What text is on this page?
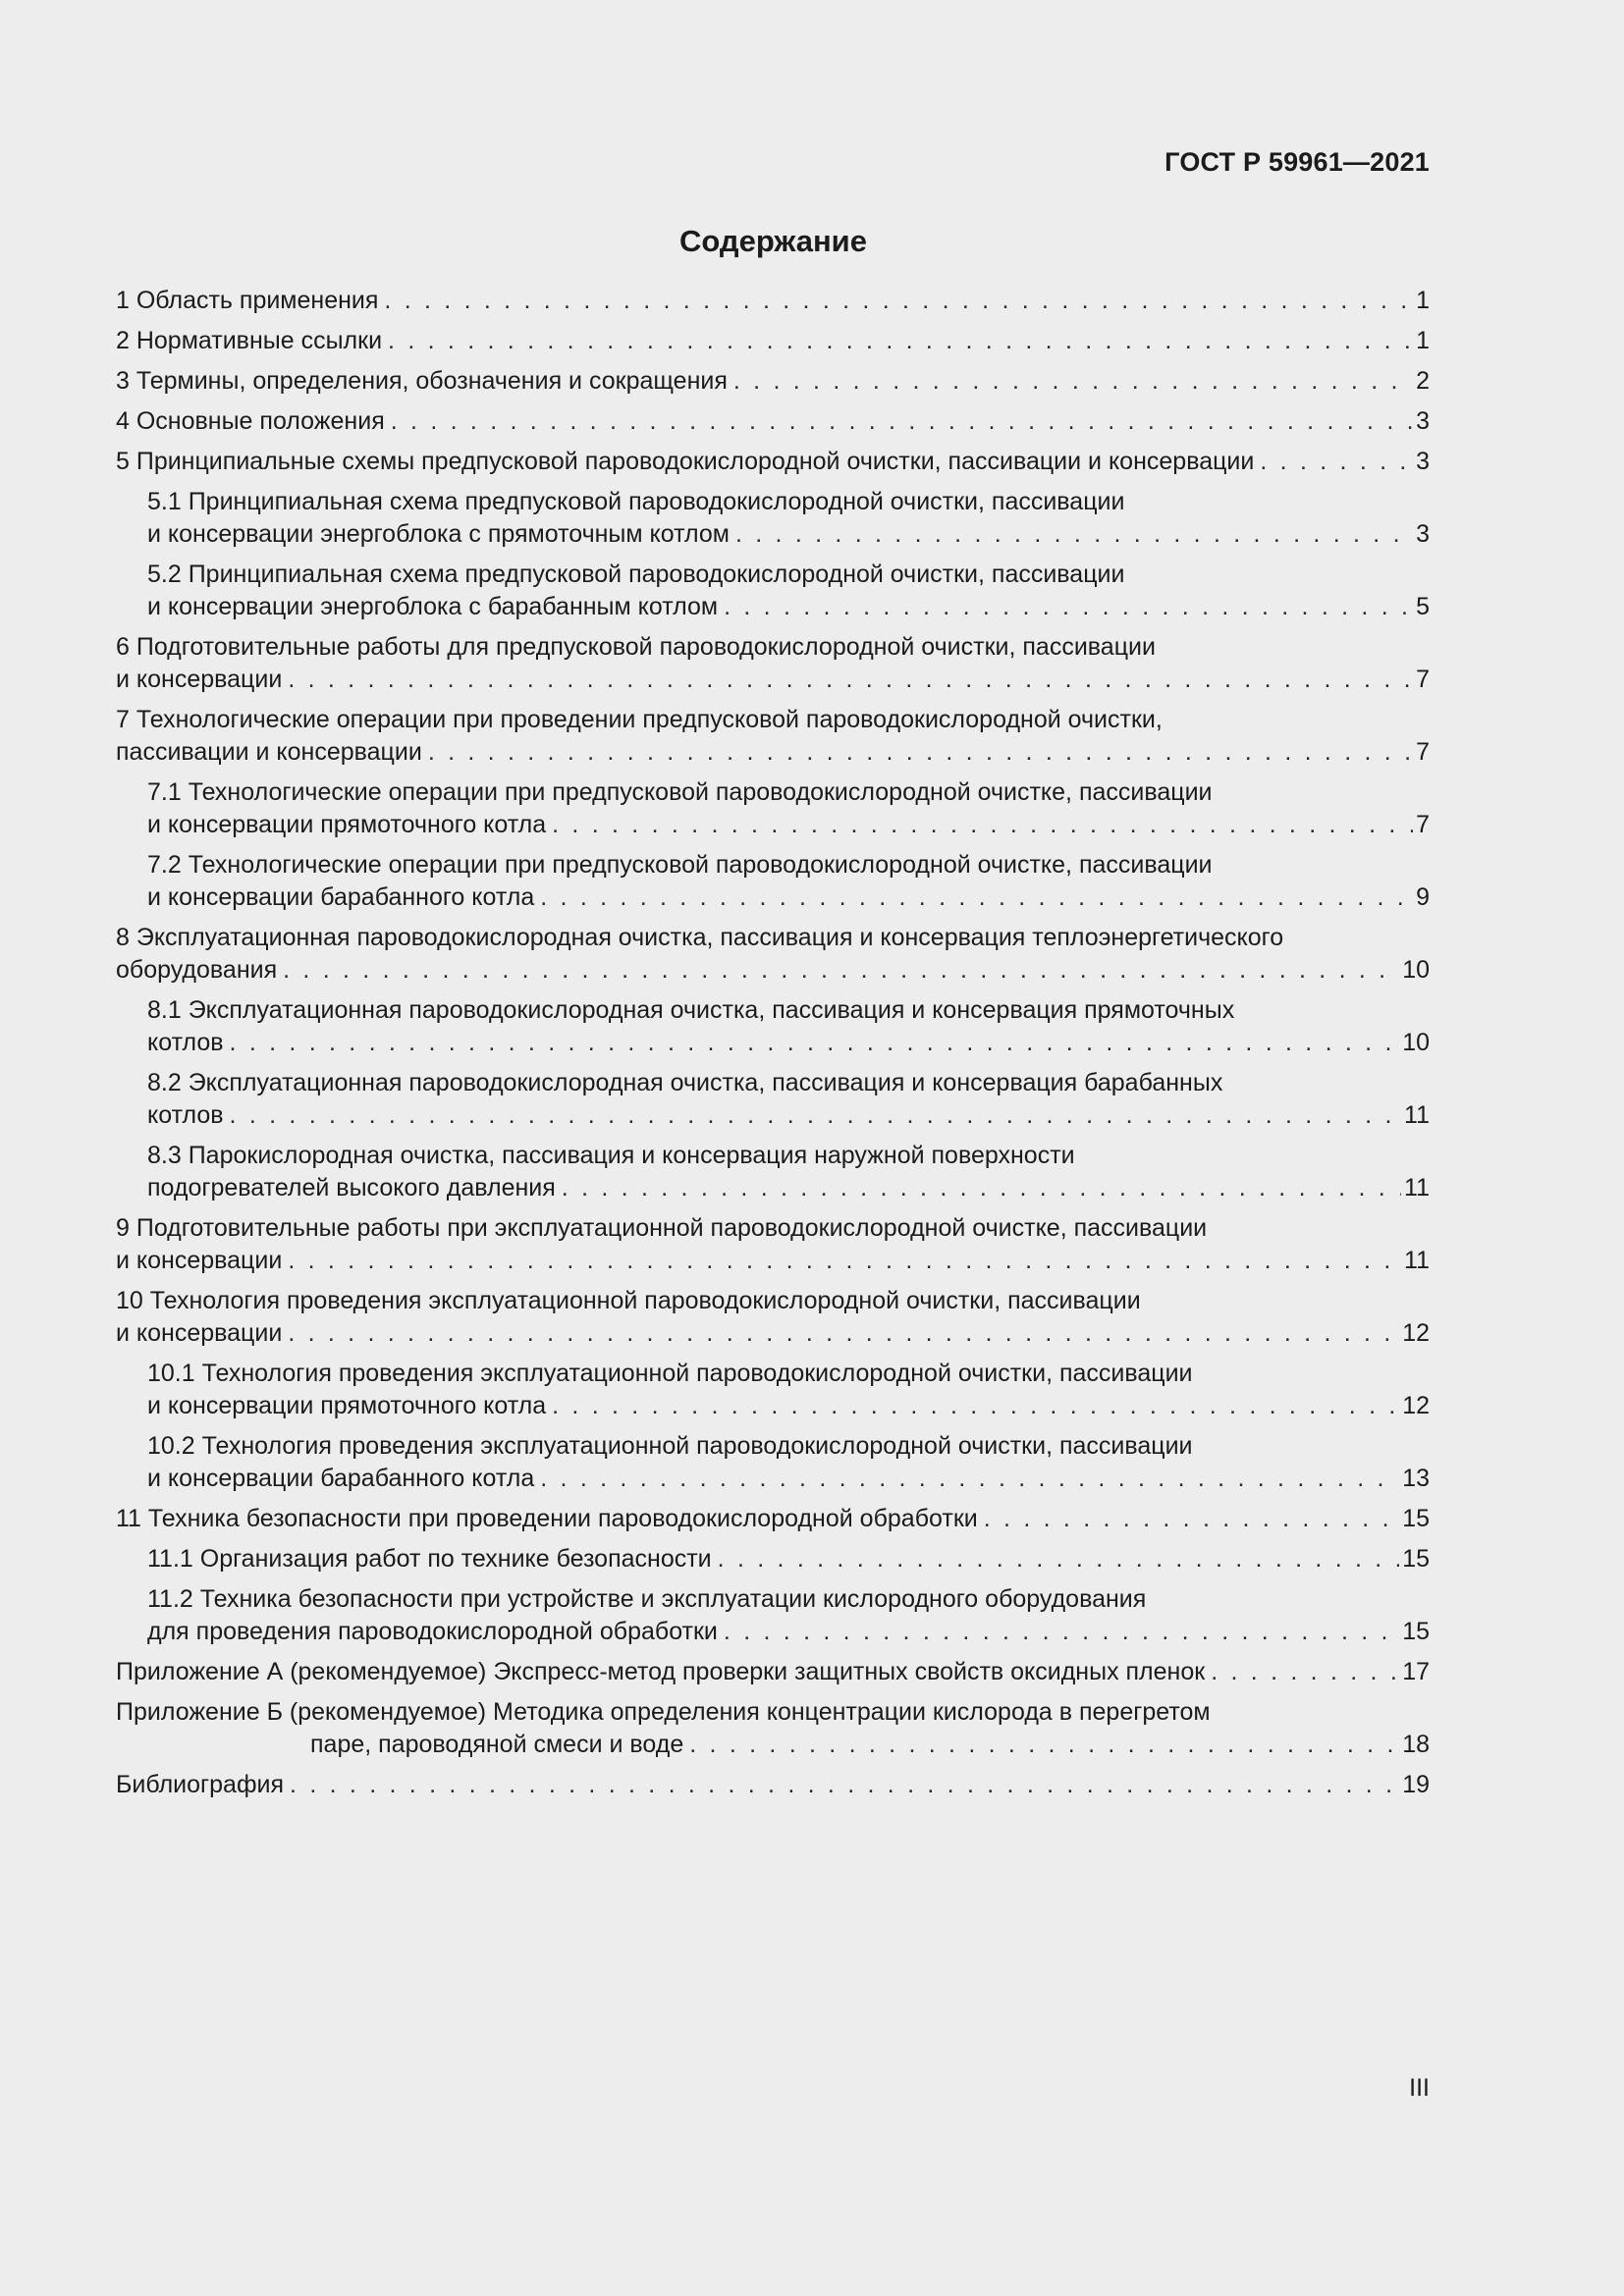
ГОСТ Р 59961—2021
Содержание
1 Область применения . . .	1
2 Нормативные ссылки . . .	1
3 Термины, определения, обозначения и сокращения . . .	2
4 Основные положения . . .	3
5 Принципиальные схемы предпусковой пароводокислородной очистки, пассивации и консервации . . .	3
5.1 Принципиальная схема предпусковой пароводокислородной очистки, пассивации
и консервации энергоблока с прямоточным котлом . . .	3
5.2 Принципиальная схема предпусковой пароводокислородной очистки, пассивации
и консервации энергоблока с барабанным котлом . . .	5
6 Подготовительные работы для предпусковой пароводокислородной очистки, пассивации
и консервации . . .	7
7 Технологические операции при проведении предпусковой пароводокислородной очистки,
пассивации и консервации . . .	7
7.1 Технологические операции при предпусковой пароводокислородной очистке, пассивации
и консервации прямоточного котла . . .	7
7.2 Технологические операции при предпусковой пароводокислородной очистке, пассивации
и консервации барабанного котла . . .	9
8 Эксплуатационная пароводокислородная очистка, пассивация и консервация теплоэнергетического
оборудования . . .	10
8.1 Эксплуатационная пароводокислородная очистка, пассивация и консервация прямоточных
котлов . . .	10
8.2 Эксплуатационная пароводокислородная очистка, пассивация и консервация барабанных
котлов . . .	11
8.3 Парокислородная очистка, пассивация и консервация наружной поверхности
подогревателей высокого давления . . .	11
9 Подготовительные работы при эксплуатационной пароводокислородной очистке, пассивации
и консервации . . .	11
10 Технология проведения эксплуатационной пароводокислородной очистки, пассивации
и консервации . . .	12
10.1 Технология проведения эксплуатационной пароводокислородной очистки, пассивации
и консервации прямоточного котла . . .	12
10.2 Технология проведения эксплуатационной пароводокислородной очистки, пассивации
и консервации барабанного котла . . .	13
11 Техника безопасности при проведении пароводокислородной обработки . . .	15
11.1 Организация работ по технике безопасности . . .	15
11.2 Техника безопасности при устройстве и эксплуатации кислородного оборудования
для проведения пароводокислородной обработки . . .	15
Приложение А (рекомендуемое) Экспресс-метод проверки защитных свойств оксидных пленок . . .	17
Приложение Б (рекомендуемое) Методика определения концентрации кислорода в перегретом
паре, пароводяной смеси и воде . . .	18
Библиография . . .	19
III
